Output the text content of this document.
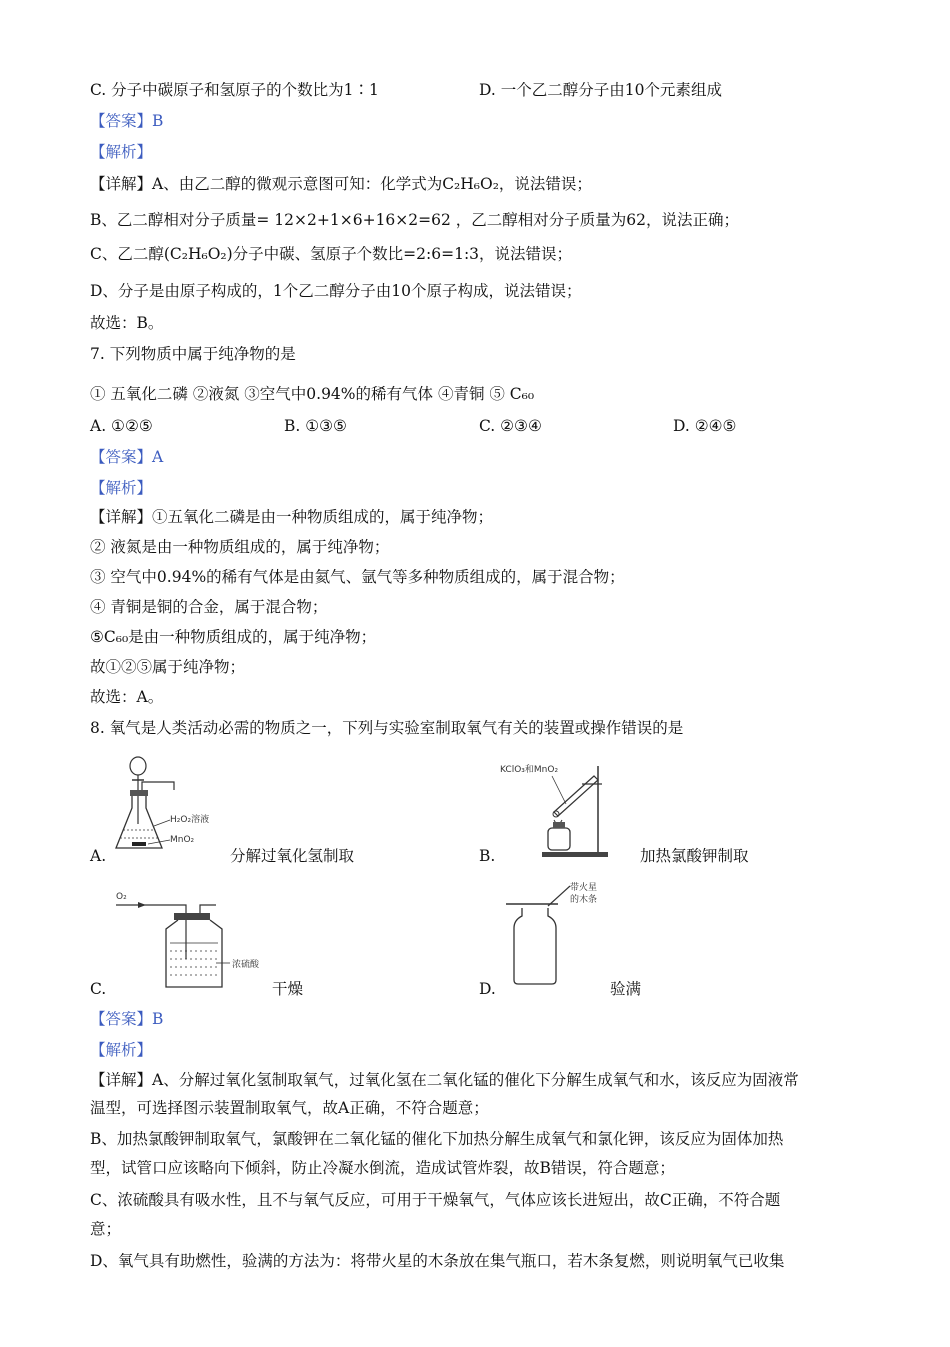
C. 分子中碳原子和氢原子的个数比为1∶1	D. 一个乙二醇分子由10个元素组成
【答案】B
【解析】
【详解】A、由乙二醇的微观示意图可知：化学式为C₂H₆O₂，说法错误；
B、乙二醇相对分子质量= 12×2+1×6+16×2=62 ，乙二醇相对分子质量为62，说法正确；
C、乙二醇(C₂H₆O₂)分子中碳、氢原子个数比=2:6=1:3，说法错误；
D、分子是由原子构成的，1个乙二醇分子由10个原子构成，说法错误；
故选：B。
7. 下列物质中属于纯净物的是
① 五氧化二磷 ②液氮 ③空气中0.94%的稀有气体 ④青铜 ⑤ C₆₀
A. ①②⑤	B. ①③⑤	C. ②③④	D. ②④⑤
【答案】A
【解析】
【详解】①五氧化二磷是由一种物质组成的，属于纯净物；
② 液氮是由一种物质组成的，属于纯净物；
③ 空气中0.94%的稀有气体是由氦气、氩气等多种物质组成的，属于混合物；
④ 青铜是铜的合金，属于混合物；
⑤C₆₀是由一种物质组成的，属于纯净物；
故①②⑤属于纯净物；
故选：A。
8. 氧气是人类活动必需的物质之一，下列与实验室制取氧气有关的装置或操作错误的是
H₂O₂溶液
MnO₂
A.	分解过氧化氢制取
KClO₃和MnO₂
B.	加热氯酸钾制取
O₂
浓硫酸
C.	干燥
带火星
的木条
D.	验满
【答案】B
【解析】
【详解】A、分解过氧化氢制取氧气，过氧化氢在二氧化锰的催化下分解生成氧气和水，该反应为固液常
温型，可选择图示装置制取氧气，故A正确，不符合题意；
B、加热氯酸钾制取氧气，氯酸钾在二氧化锰的催化下加热分解生成氧气和氯化钾，该反应为固体加热
型，试管口应该略向下倾斜，防止冷凝水倒流，造成试管炸裂，故B错误，符合题意；
C、浓硫酸具有吸水性，且不与氧气反应，可用于干燥氧气，气体应该长进短出，故C正确，不符合题
意；
D、氧气具有助燃性，验满的方法为：将带火星的木条放在集气瓶口，若木条复燃，则说明氧气已收集
